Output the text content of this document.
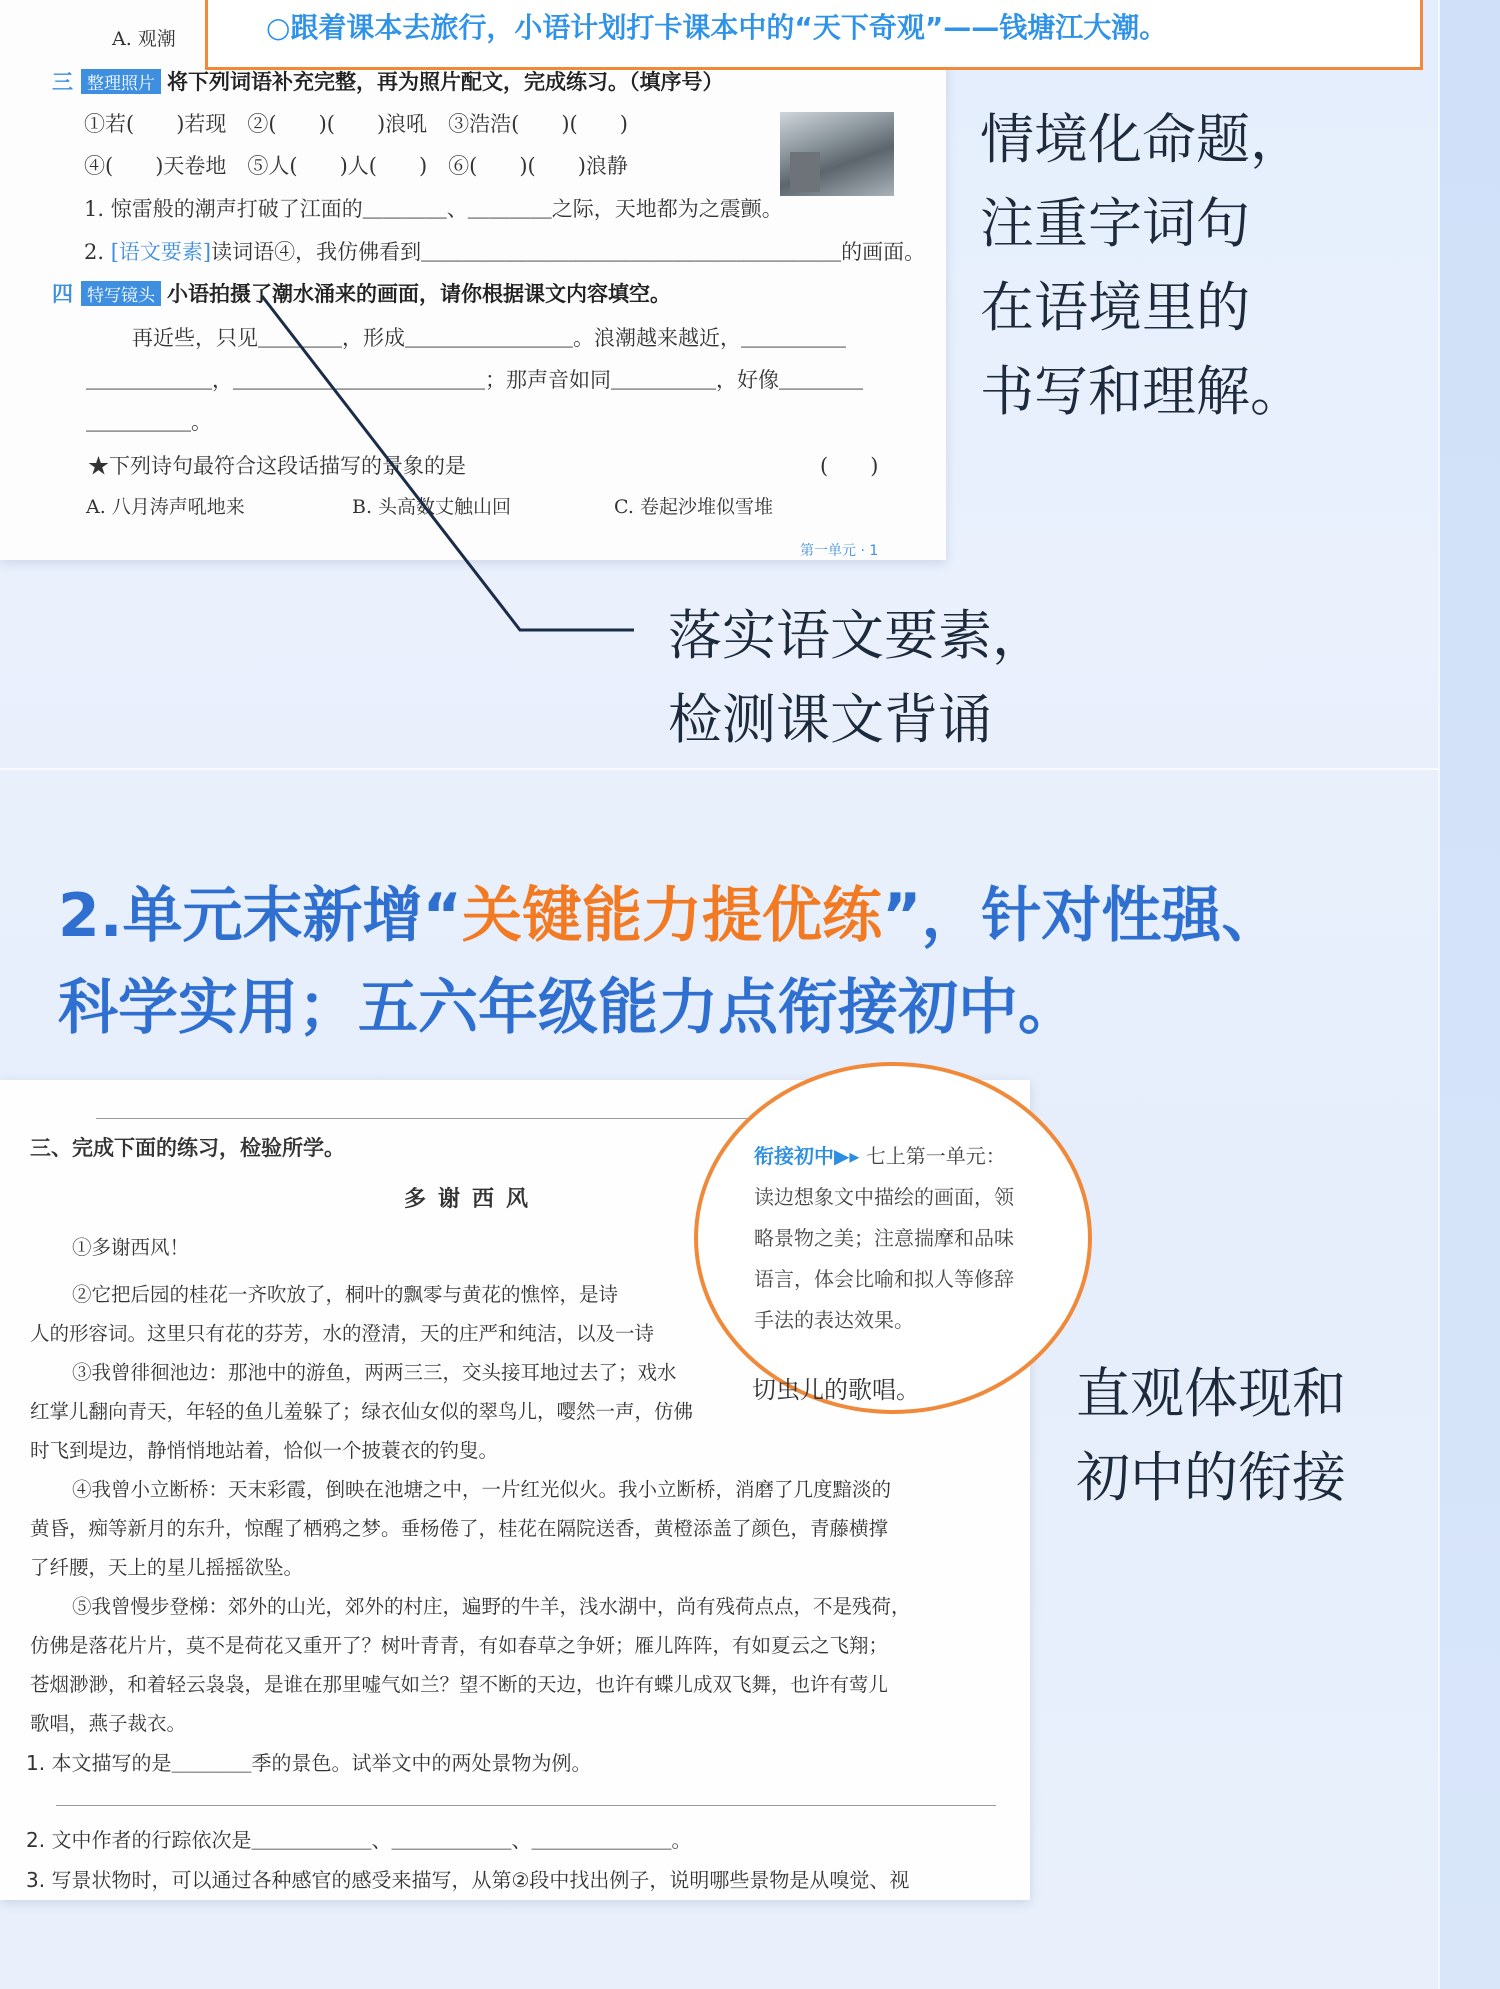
A. 观潮
三 整理照片 将下列词语补充完整，再为照片配文，完成练习。（填序号）
①若(　　)若现　②(　　)(　　)浪吼　③浩浩(　　)(　　)
④(　　)天卷地　⑤人(　　)人(　　)　⑥(　　)(　　)浪静
1. 惊雷般的潮声打破了江面的＿＿＿＿、＿＿＿＿之际，天地都为之震颤。
2. [语文要素]读词语④，我仿佛看到＿＿＿＿＿＿＿＿＿＿＿＿＿＿＿＿＿＿＿＿的画面。
四 特写镜头 小语拍摄了潮水涌来的画面，请你根据课文内容填空。
再近些，只见＿＿＿＿，形成＿＿＿＿＿＿＿＿。浪潮越来越近，＿＿＿＿＿
＿＿＿＿＿＿，＿＿＿＿＿＿＿＿＿＿＿＿；那声音如同＿＿＿＿＿，好像＿＿＿＿
＿＿＿＿＿。
★下列诗句最符合这段话描写的景象的是	(　　)
A. 八月涛声吼地来	B. 头高数丈触山回	C. 卷起沙堆似雪堆
第一单元 · 1
○跟着课本去旅行，小语计划打卡课本中的“天下奇观”——钱塘江大潮。
情境化命题，
注重字词句
在语境里的
书写和理解。
落实语文要素，
检测课文背诵
2.单元末新增“关键能力提优练”，针对性强、
科学实用；五六年级能力点衔接初中。
三、完成下面的练习，检验所学。
多谢西风
①多谢西风！
②它把后园的桂花一齐吹放了，桐叶的飘零与黄花的憔悴，是诗
人的形容词。这里只有花的芬芳，水的澄清，天的庄严和纯洁，以及一诗
③我曾徘徊池边：那池中的游鱼，两两三三，交头接耳地过去了；戏水
红掌儿翻向青天，年轻的鱼儿羞躲了；绿衣仙女似的翠鸟儿，嘤然一声，仿佛
时飞到堤边，静悄悄地站着，恰似一个披蓑衣的钓叟。
④我曾小立断桥：天末彩霞，倒映在池塘之中，一片红光似火。我小立断桥，消磨了几度黯淡的
黄昏，痴等新月的东升，惊醒了栖鸦之梦。垂杨倦了，桂花在隔院送香，黄橙添盖了颜色，青藤横撑
了纤腰，天上的星儿摇摇欲坠。
⑤我曾慢步登梯：郊外的山光，郊外的村庄，遍野的牛羊，浅水湖中，尚有残荷点点，不是残荷，
仿佛是落花片片，莫不是荷花又重开了？树叶青青，有如春草之争妍；雁儿阵阵，有如夏云之飞翔；
苍烟渺渺，和着轻云袅袅，是谁在那里嘘气如兰？望不断的天边，也许有蝶儿成双飞舞，也许有莺儿
歌唱，燕子裁衣。
1. 本文描写的是＿＿＿＿季的景色。试举文中的两处景物为例。
2. 文中作者的行踪依次是＿＿＿＿＿＿、＿＿＿＿＿＿、＿＿＿＿＿＿＿。
3. 写景状物时，可以通过各种感官的感受来描写，从第②段中找出例子，说明哪些景物是从嗅觉、视
衔接初中▶▸ 七上第一单元：
读边想象文中描绘的画面，领
略景物之美；注意揣摩和品味
语言，体会比喻和拟人等修辞
手法的表达效果。
切虫儿的歌唱。	直观体现和
初中的衔接
